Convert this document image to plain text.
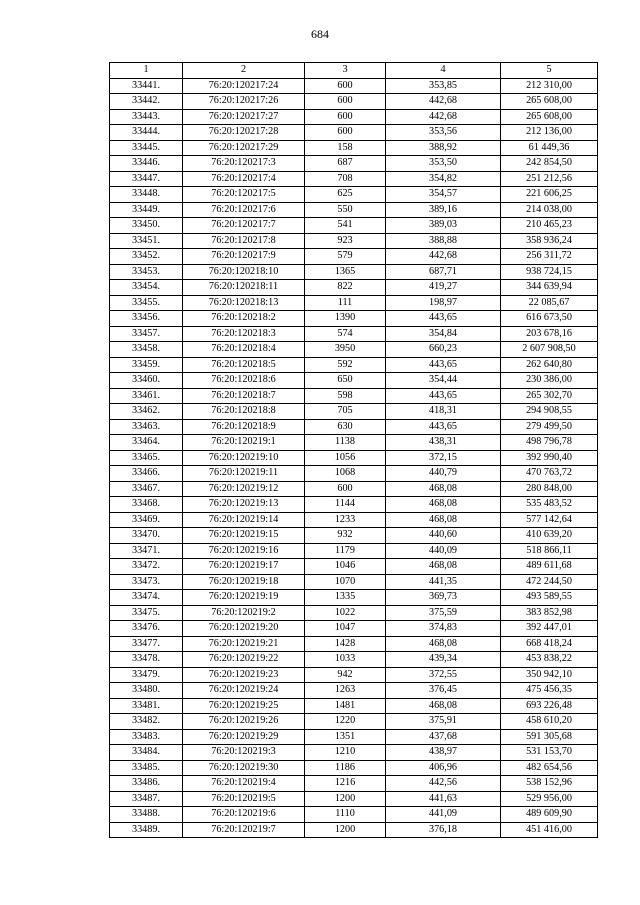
684
1	2	3	4	5
33441.	76:20:120217:24	600	353,85	212 310,00
33442.	76:20:120217:26	600	442,68	265 608,00
33443.	76:20:120217:27	600	442,68	265 608,00
33444.	76:20:120217:28	600	353,56	212 136,00
33445.	76:20:120217:29	158	388,92	61 449,36
33446.	76:20:120217:3	687	353,50	242 854,50
33447.	76:20:120217:4	708	354,82	251 212,56
33448.	76:20:120217:5	625	354,57	221 606,25
33449.	76:20:120217:6	550	389,16	214 038,00
33450.	76:20:120217:7	541	389,03	210 465,23
33451.	76:20:120217:8	923	388,88	358 936,24
33452.	76:20:120217:9	579	442,68	256 311,72
33453.	76:20:120218:10	1365	687,71	938 724,15
33454.	76:20:120218:11	822	419,27	344 639,94
33455.	76:20:120218:13	111	198,97	22 085,67
33456.	76:20:120218:2	1390	443,65	616 673,50
33457.	76:20:120218:3	574	354,84	203 678,16
33458.	76:20:120218:4	3950	660,23	2 607 908,50
33459.	76:20:120218:5	592	443,65	262 640,80
33460.	76:20:120218:6	650	354,44	230 386,00
33461.	76:20:120218:7	598	443,65	265 302,70
33462.	76:20:120218:8	705	418,31	294 908,55
33463.	76:20:120218:9	630	443,65	279 499,50
33464.	76:20:120219:1	1138	438,31	498 796,78
33465.	76:20:120219:10	1056	372,15	392 990,40
33466.	76:20:120219:11	1068	440,79	470 763,72
33467.	76:20:120219:12	600	468,08	280 848,00
33468.	76:20:120219:13	1144	468,08	535 483,52
33469.	76:20:120219:14	1233	468,08	577 142,64
33470.	76:20:120219:15	932	440,60	410 639,20
33471.	76:20:120219:16	1179	440,09	518 866,11
33472.	76:20:120219:17	1046	468,08	489 611,68
33473.	76:20:120219:18	1070	441,35	472 244,50
33474.	76:20:120219:19	1335	369,73	493 589,55
33475.	76:20:120219:2	1022	375,59	383 852,98
33476.	76:20:120219:20	1047	374,83	392 447,01
33477.	76:20:120219:21	1428	468,08	668 418,24
33478.	76:20:120219:22	1033	439,34	453 838,22
33479.	76:20:120219:23	942	372,55	350 942,10
33480.	76:20:120219:24	1263	376,45	475 456,35
33481.	76:20:120219:25	1481	468,08	693 226,48
33482.	76:20:120219:26	1220	375,91	458 610,20
33483.	76:20:120219:29	1351	437,68	591 305,68
33484.	76:20:120219:3	1210	438,97	531 153,70
33485.	76:20:120219:30	1186	406,96	482 654,56
33486.	76:20:120219:4	1216	442,56	538 152,96
33487.	76:20:120219:5	1200	441,63	529 956,00
33488.	76:20:120219:6	1110	441,09	489 609,90
33489.	76:20:120219:7	1200	376,18	451 416,00
